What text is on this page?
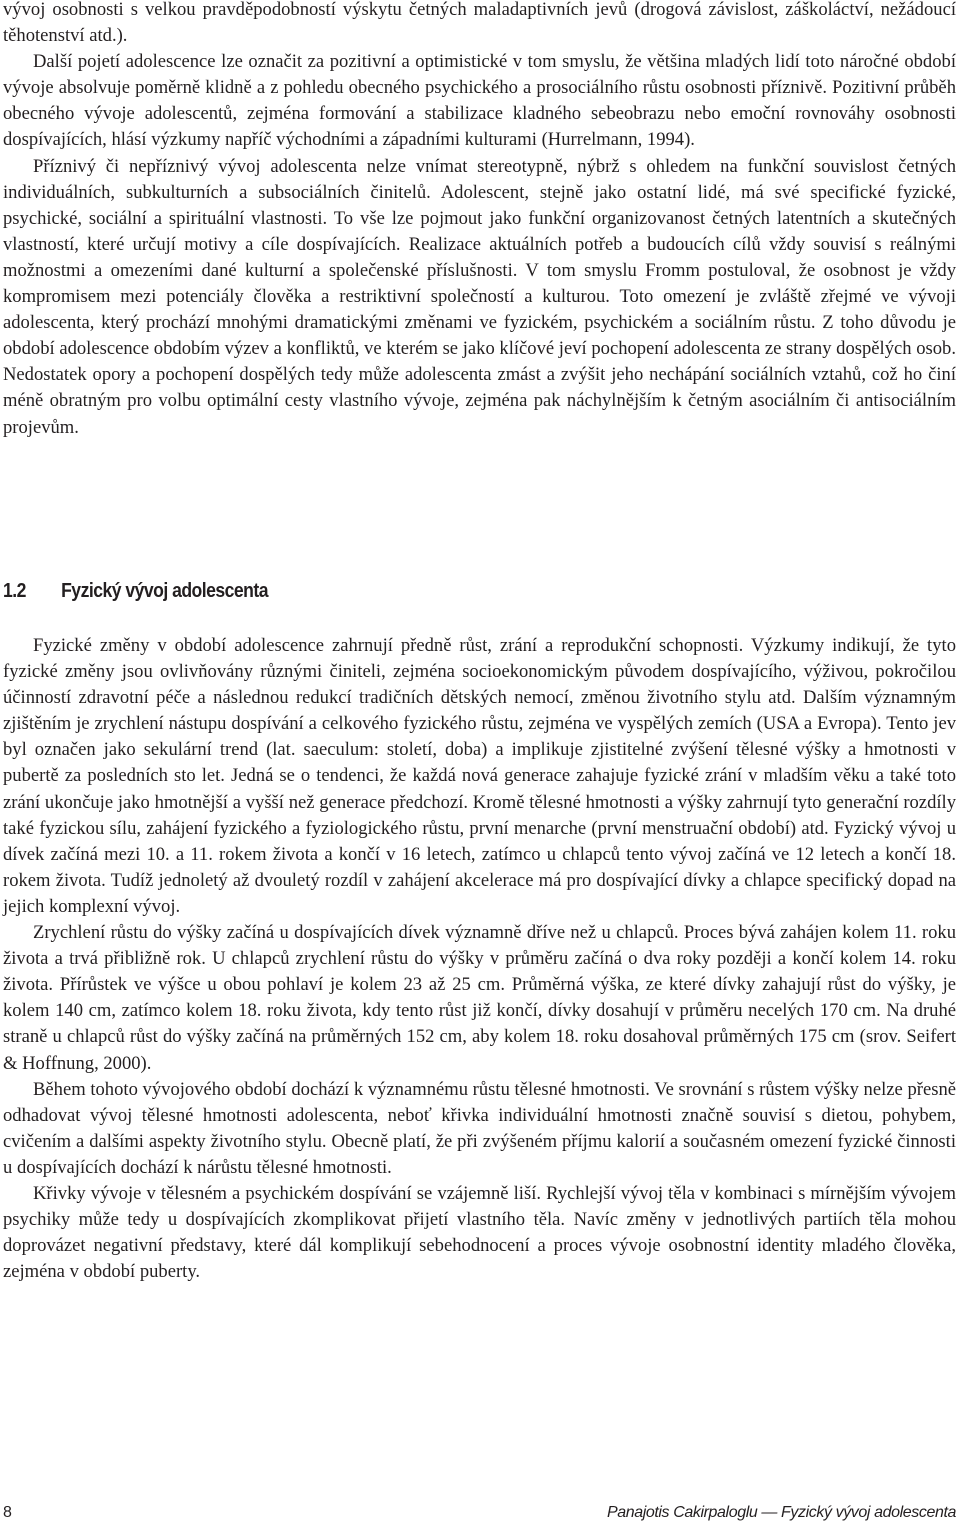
vývoj osobnosti s velkou pravděpodobností výskytu četných maladaptivních jevů (drogová závislost, záškoláctví, nežádoucí těhotenství atd.).

Další pojetí adolescence lze označit za pozitivní a optimistické v tom smyslu, že většina mladých lidí toto náročné období vývoje absolvuje poměrně klidně a z pohledu obecného psychického a prosociálního růstu osobnosti příznivě. Pozitivní průběh obecného vývoje adolescentů, zejména formování a stabilizace kladného sebeobrazu nebo emoční rovnováhy osobnosti dospívajících, hlásí výzkumy napříč východními a západními kulturami (Hurrelmann, 1994).

Příznivý či nepříznivý vývoj adolescenta nelze vnímat stereotypně, nýbrž s ohledem na funkční souvislost četných individuálních, subkulturních a subsociálních činitelů. Adolescent, stejně jako ostatní lidé, má své specifické fyzické, psychické, sociální a spirituální vlastnosti. To vše lze pojmout jako funkční organizovanost četných latentních a skutečných vlastností, které určují motivy a cíle dospívajících. Realizace aktuálních potřeb a budoucích cílů vždy souvisí s reálnými možnostmi a omezeními dané kulturní a společenské příslušnosti. V tom smyslu Fromm postuloval, že osobnost je vždy kompromisem mezi potenciály člověka a restriktivní společností a kulturou. Toto omezení je zvláště zřejmé ve vývoji adolescenta, který prochází mnohými dramatickými změnami ve fyzickém, psychickém a sociálním růstu. Z toho důvodu je období adolescence obdobím výzev a konfliktů, ve kterém se jako klíčové jeví pochopení adolescenta ze strany dospělých osob. Nedostatek opory a pochopení dospělých tedy může adolescenta zmást a zvýšit jeho nechápání sociálních vztahů, což ho činí méně obratným pro volbu optimální cesty vlastního vývoje, zejména pak náchylnějším k četným asociálním či antisociálním projevům.

1.2 Fyzický vývoj adolescenta

Fyzické změny v období adolescence zahrnují předně růst, zrání a reprodukční schopnosti. Výzkumy indikují, že tyto fyzické změny jsou ovlivňovány různými činiteli, zejména socioekonomickým původem dospívajícího, výživou, pokročilou účinností zdravotní péče a následnou redukcí tradičních dětských nemocí, změnou životního stylu atd. Dalším významným zjištěním je zrychlení nástupu dospívání a celkového fyzického růstu, zejména ve vyspělých zemích (USA a Evropa). Tento jev byl označen jako sekulární trend (lat. saeculum: století, doba) a implikuje zjistitelné zvýšení tělesné výšky a hmotnosti v pubertě za posledních sto let. Jedná se o tendenci, že každá nová generace zahajuje fyzické zrání v mladším věku a také toto zrání ukončuje jako hmotnější a vyšší než generace předchozí. Kromě tělesné hmotnosti a výšky zahrnují tyto generační rozdíly také fyzickou sílu, zahájení fyzického a fyziologického růstu, první menarche (první menstruační období) atd. Fyzický vývoj u dívek začíná mezi 10. a 11. rokem života a končí v 16 letech, zatímco u chlapců tento vývoj začíná ve 12 letech a končí 18. rokem života. Tudíž jednoletý až dvouletý rozdíl v zahájení akcelerace má pro dospívající dívky a chlapce specifický dopad na jejich komplexní vývoj.

Zrychlení růstu do výšky začíná u dospívajících dívek významně dříve než u chlapců. Proces bývá zahájen kolem 11. roku života a trvá přibližně rok. U chlapců zrychlení růstu do výšky v průměru začíná o dva roky později a končí kolem 14. roku života. Přírůstek ve výšce u obou pohlaví je kolem 23 až 25 cm. Průměrná výška, ze které dívky zahajují růst do výšky, je kolem 140 cm, zatímco kolem 18. roku života, kdy tento růst již končí, dívky dosahují v průměru necelých 170 cm. Na druhé straně u chlapců růst do výšky začíná na průměrných 152 cm, aby kolem 18. roku dosahoval průměrných 175 cm (srov. Seifert & Hoffnung, 2000).

Během tohoto vývojového období dochází k významnému růstu tělesné hmotnosti. Ve srovnání s růstem výšky nelze přesně odhadovat vývoj tělesné hmotnosti adolescenta, neboť křivka individuální hmotnosti značně souvisí s dietou, pohybem, cvičením a dalšími aspekty životního stylu. Obecně platí, že při zvýšeném příjmu kalorií a současném omezení fyzické činnosti u dospívajících dochází k nárůstu tělesné hmotnosti.

Křivky vývoje v tělesném a psychickém dospívání se vzájemně liší. Rychlejší vývoj těla v kombinaci s mírnějším vývojem psychiky může tedy u dospívajících zkomplikovat přijetí vlastního těla. Navíc změny v jednotlivých partiích těla mohou doprovázet negativní představy, které dál komplikují sebehodnocení a proces vývoje osobnostní identity mladého člověka, zejména v období puberty.

8	Panajotis Cakirpaloglu — Fyzický vývoj adolescenta
